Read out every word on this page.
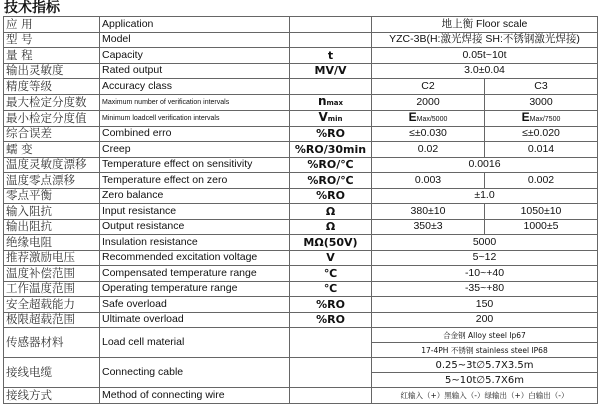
技术指标
应 用	Application		地上衡 Floor scale	
型 号	Model		YZC-3B(H:激光焊接 SH:不锈钢激光焊接)	
量 程	Capacity	t	0.05t~10t	
输出灵敏度	Rated output	MV/V	3.0±0.04	
精度等级	Accuracy class		C2	C3
最大检定分度数	Maximum number of verification intervals	nmax	2000	3000
最小检定分度值	Minimum loadcell verification intervals	Vmin	EMax/5000	EMax/7500
综合误差	Combined erro	%RO	≤±0.030	≤±0.020
蠕 变	Creep	%RO/30min	0.02	0.014
温度灵敏度漂移	Temperature effect on sensitivity	%RO/℃	0.0016	
温度零点漂移	Temperature effect on zero	%RO/℃	0.003	0.002
零点平衡	Zero balance	%RO	±1.0	
输入阻抗	Input resistance	Ω	380±10	1050±10
输出阻抗	Output resistance	Ω	350±3	1000±5
绝缘电阻	Insulation resistance	MΩ(50V)	5000	
推荐激励电压	Recommended excitation voltage	V	5~12	
温度补偿范围	Compensated temperature range	℃	-10~+40	
工作温度范围	Operating temperature range	℃	-35~+80	
安全超载能力	Safe overload	%RO	150	
极限超载范围	Ultimate overload	%RO	200	
传感器材料	Load cell material		合金钢 Alloy steel Ip67	
			17-4PH 不锈钢 stainless steel IP68	
接线电缆	Connecting cable		0.25~3t∅5.7X3.5m	
			5~10t∅5.7X6m	
接线方式	Method of connecting wire		红输入（+）黑输入（-）绿输出（+）白输出（-）	
